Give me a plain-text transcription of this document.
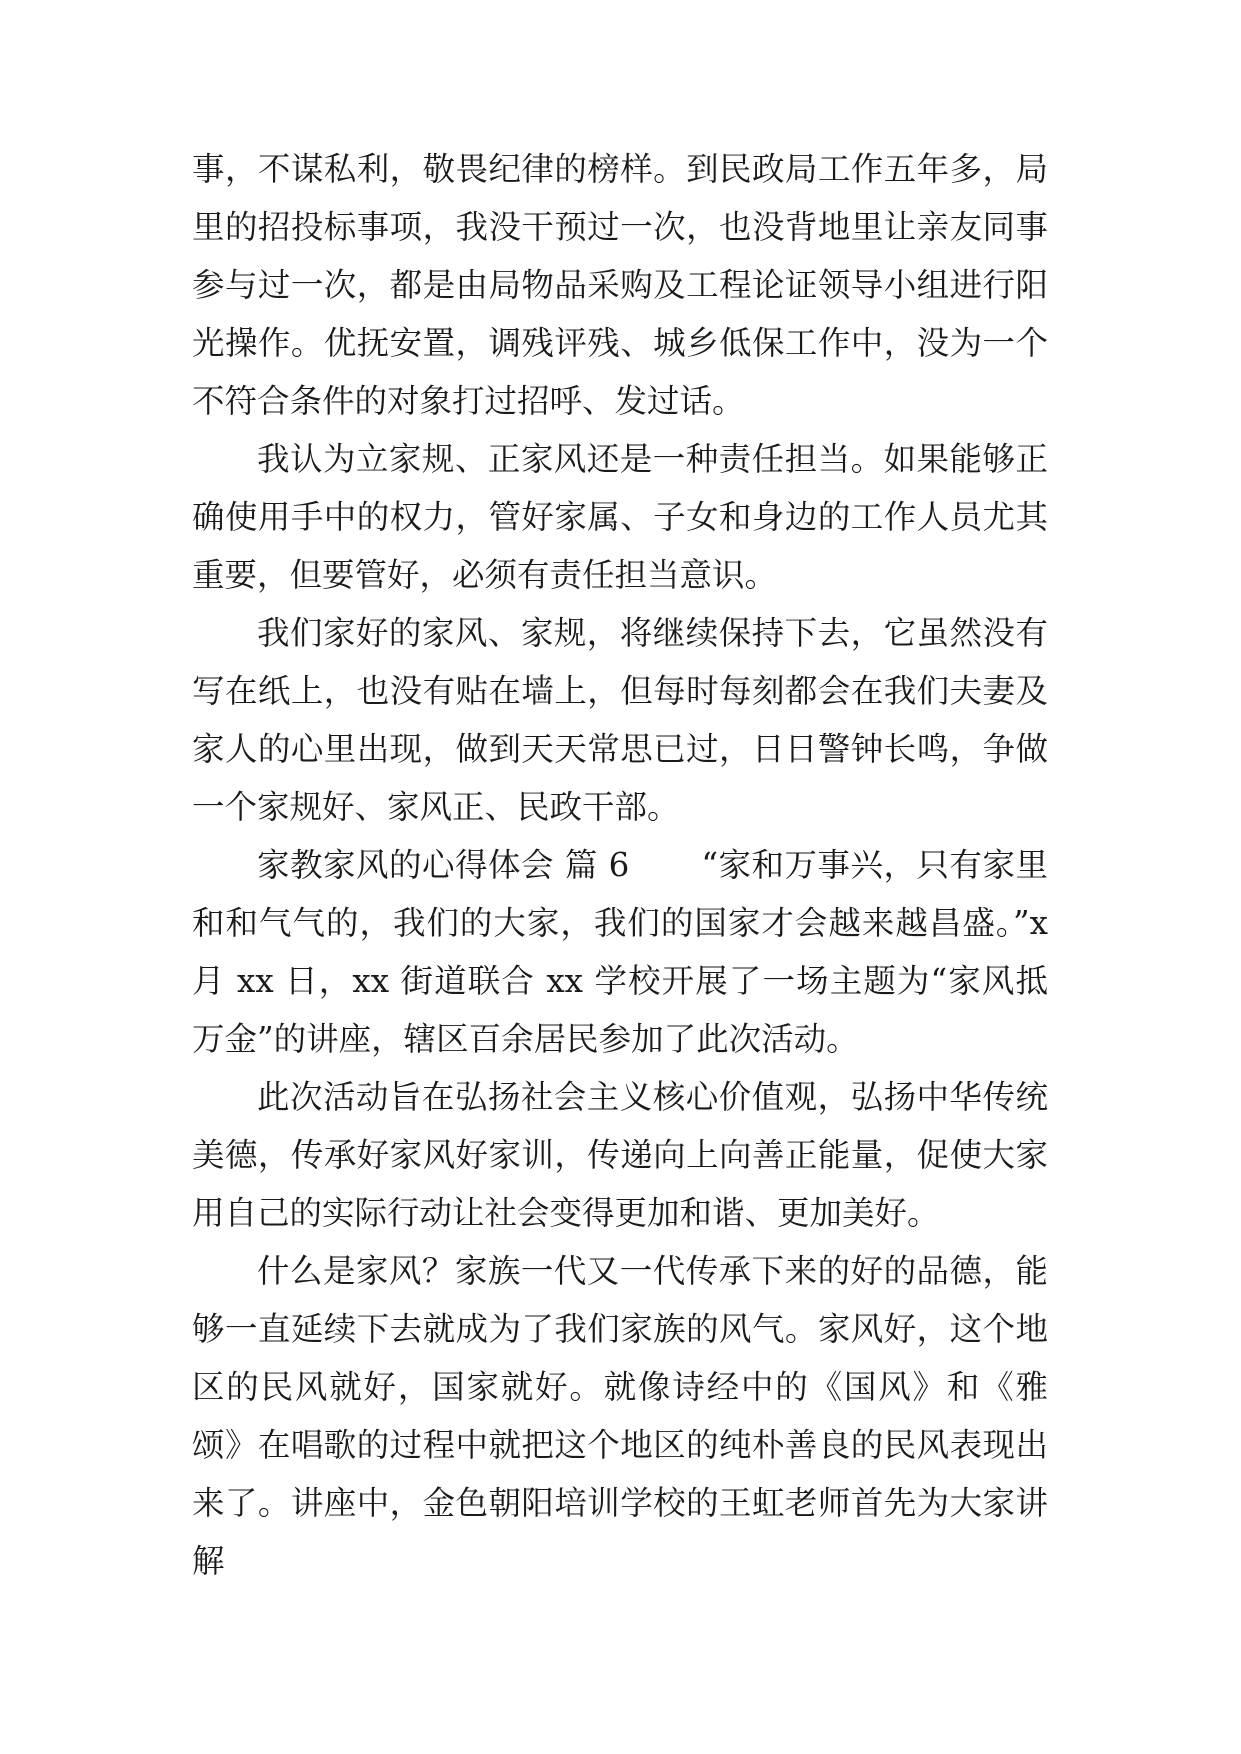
事，不谋私利，敬畏纪律的榜样。到民政局工作五年多，局里的招投标事项，我没干预过一次，也没背地里让亲友同事参与过一次，都是由局物品采购及工程论证领导小组进行阳光操作。优抚安置，调残评残、城乡低保工作中，没为一个不符合条件的对象打过招呼、发过话。

我认为立家规、正家风还是一种责任担当。如果能够正确使用手中的权力，管好家属、子女和身边的工作人员尤其重要，但要管好，必须有责任担当意识。

我们家好的家风、家规，将继续保持下去，它虽然没有写在纸上，也没有贴在墙上，但每时每刻都会在我们夫妻及家人的心里出现，做到天天常思已过，日日警钟长鸣，争做一个家规好、家风正、民政干部。

家教家风的心得体会 篇 6 “家和万事兴，只有家里和和气气的，我们的大家，我们的国家才会越来越昌盛。”x 月 xx 日，xx 街道联合 xx 学校开展了一场主题为“家风抵万金”的讲座，辖区百余居民参加了此次活动。

此次活动旨在弘扬社会主义核心价值观，弘扬中华传统美德，传承好家风好家训，传递向上向善正能量，促使大家用自己的实际行动让社会变得更加和谐、更加美好。

什么是家风？家族一代又一代传承下来的好的品德，能够一直延续下去就成为了我们家族的风气。家风好，这个地区的民风就好，国家就好。就像诗经中的《国风》和《雅颂》在唱歌的过程中就把这个地区的纯朴善良的民风表现出来了。讲座中，金色朝阳培训学校的王虹老师首先为大家讲解
